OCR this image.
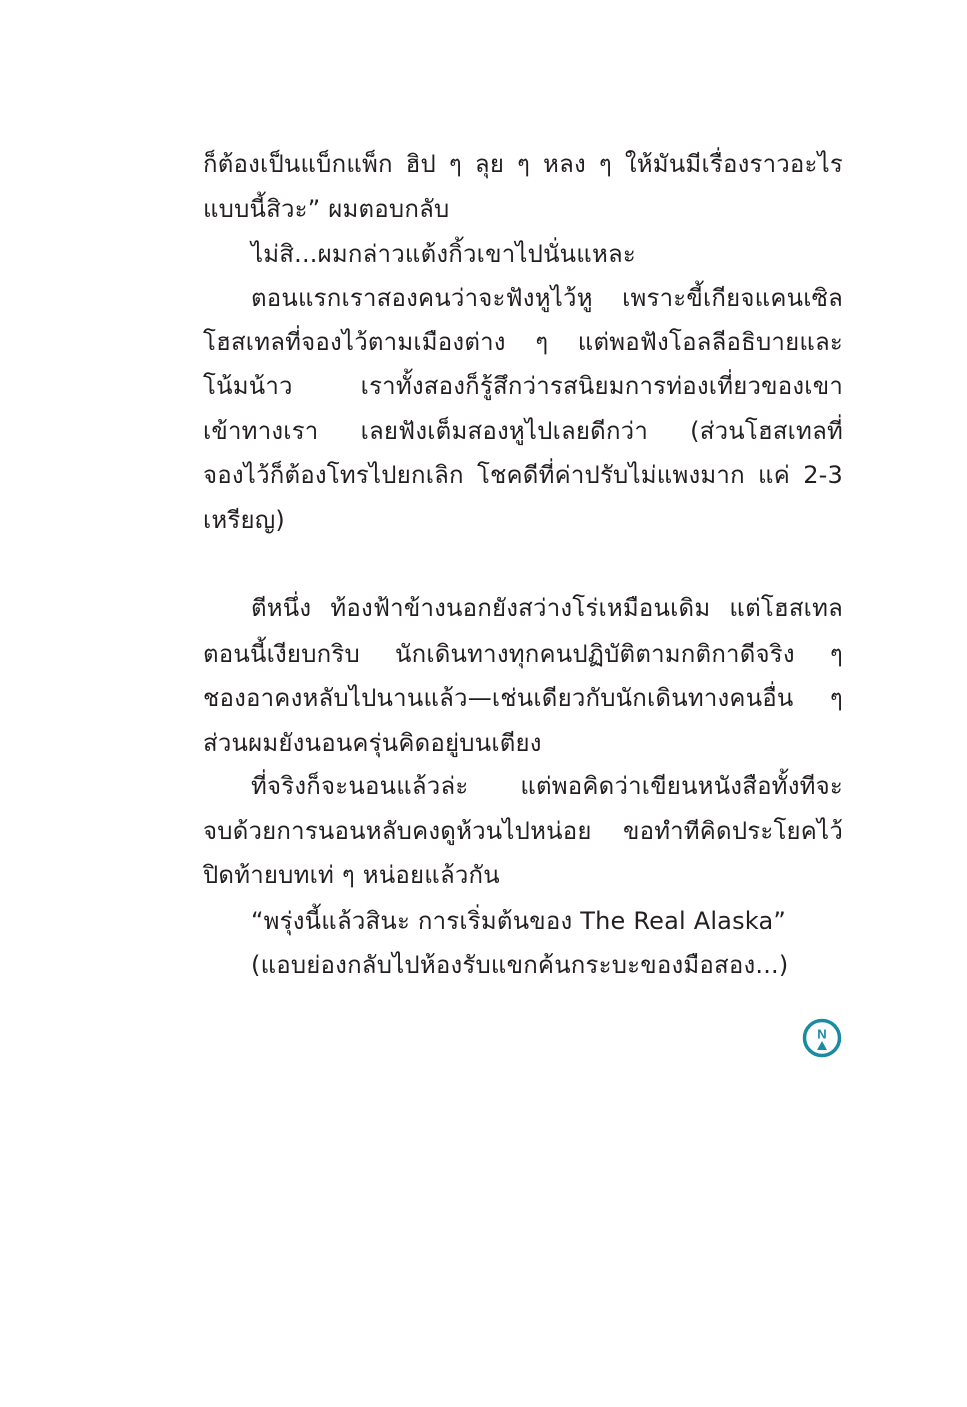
ก็ต้องเป็นแบ็กแพ็ก ฮิป ๆ ลุย ๆ หลง ๆ ให้มันมีเรื่องราวอะไร
แบบนี้สิวะ” ผมตอบกลับ
ไม่สิ...ผมกล่าวแต้งกิ้วเขาไปนั่นแหละ
ตอนแรกเราสองคนว่าจะฟังหูไว้หู เพราะขี้เกียจแคนเซิล
โฮสเทลที่จองไว้ตามเมืองต่าง ๆ แต่พอฟังโอลลีอธิบายและ
โน้มน้าว เราทั้งสองก็รู้สึกว่ารสนิยมการท่องเที่ยวของเขา
เข้าทางเรา เลยฟังเต็มสองหูไปเลยดีกว่า (ส่วนโฮสเทลที่
จองไว้ก็ต้องโทรไปยกเลิก โชคดีที่ค่าปรับไม่แพงมาก แค่ 2-3
เหรียญ)
ตีหนึ่ง ท้องฟ้าข้างนอกยังสว่างโร่เหมือนเดิม แต่โฮสเทล
ตอนนี้เงียบกริบ นักเดินทางทุกคนปฏิบัติตามกติกาดีจริง ๆ
ชองอาคงหลับไปนานแล้ว—เช่นเดียวกับนักเดินทางคนอื่น ๆ
ส่วนผมยังนอนครุ่นคิดอยู่บนเตียง
ที่จริงก็จะนอนแล้วล่ะ แต่พอคิดว่าเขียนหนังสือทั้งทีจะ
จบด้วยการนอนหลับคงดูห้วนไปหน่อย ขอทำทีคิดประโยคไว้
ปิดท้ายบทเท่ ๆ หน่อยแล้วกัน
“พรุ่งนี้แล้วสินะ การเริ่มต้นของ The Real Alaska”
(แอบย่องกลับไปห้องรับแขกค้นกระบะของมือสอง...)
N
